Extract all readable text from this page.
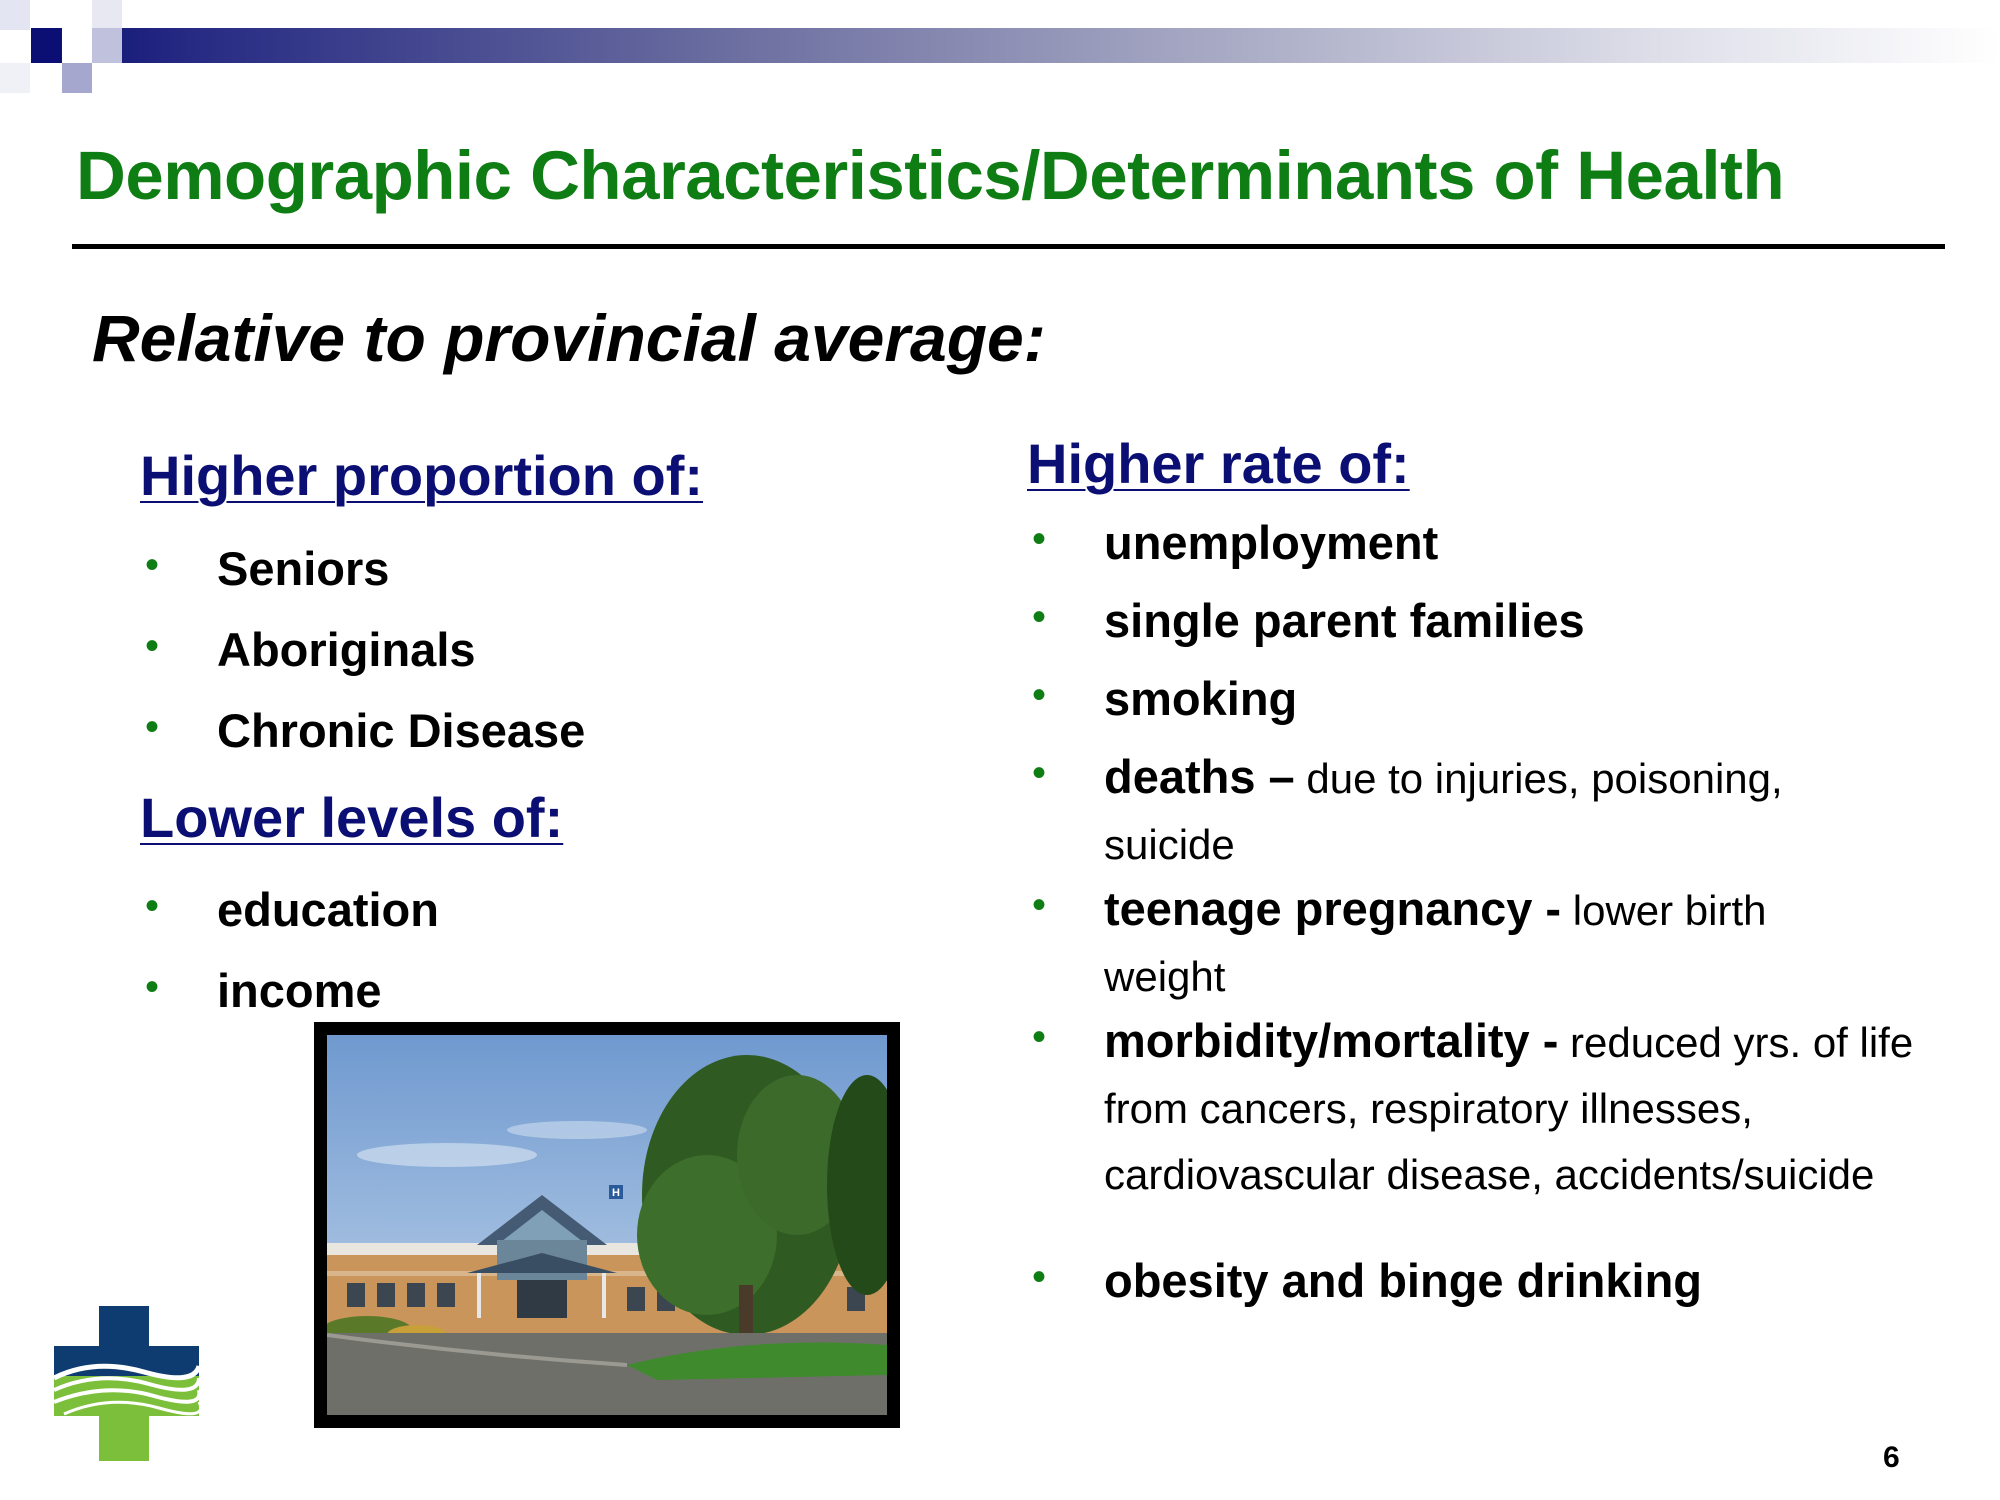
Demographic Characteristics/Determinants of Health
Relative to provincial average:
Higher proportion of:
• Seniors
• Aboriginals
• Chronic Disease
Lower levels of:
• education
• income
Higher rate of:
• unemployment
• single parent families
• smoking
• deaths – due to injuries, poisoning, suicide
• teenage pregnancy - lower birth weight
• morbidity/mortality - reduced yrs. of life from cancers, respiratory illnesses, cardiovascular disease, accidents/suicide
• obesity and binge drinking
H
6
